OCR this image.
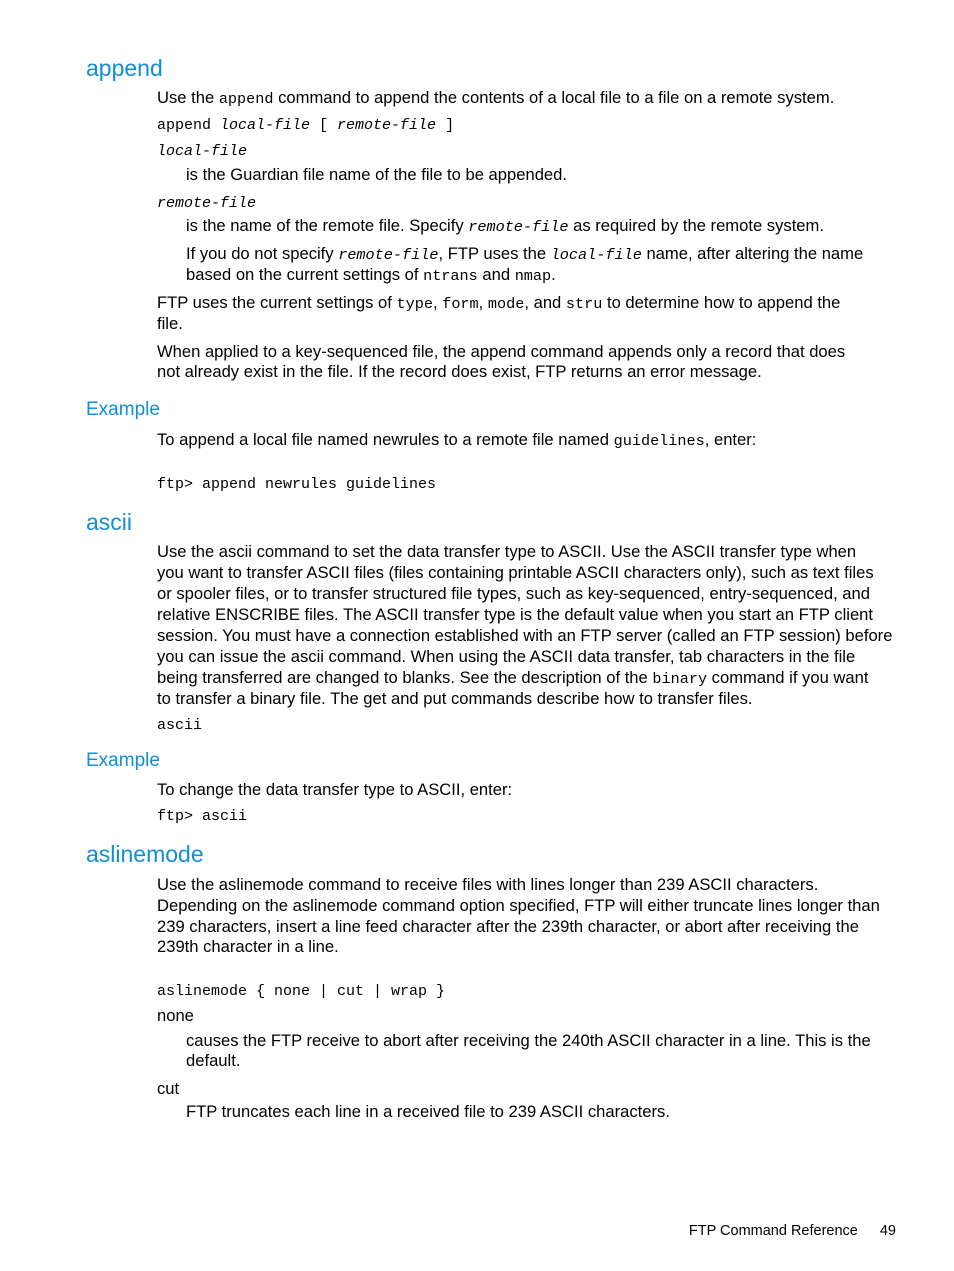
append

Use the append command to append the contents of a local file to a file on a remote system.

append local-file [ remote-file ]
local-file

is the Guardian file name of the file to be appended.

remote-file

is the name of the remote file. Specify remote-file as required by the remote system.

If you do not specify remote-file, FTP uses the local-file name, after altering the name

based on the current settings of ntrans and nmap.

FTP uses the current settings of type, form, mode, and stru to determine how to append the

file.

When applied to a key-sequenced file, the append command appends only a record that does

not already exist in the file. If the record does exist, FTP returns an error message.

Example

To append a local file named newrules to a remote file named guidelines, enter:

ftp> append newrules guidelines
ascii

Use the ascii command to set the data transfer type to ASCII. Use the ASCII transfer type when

you want to transfer ASCII files (files containing printable ASCII characters only), such as text files

or spooler files, or to transfer structured file types, such as key-sequenced, entry-sequenced, and

relative ENSCRIBE files. The ASCII transfer type is the default value when you start an FTP client

session. You must have a connection established with an FTP server (called an FTP session) before

you can issue the ascii command. When using the ASCII data transfer, tab characters in the file

being transferred are changed to blanks. See the description of the binary command if you want

to transfer a binary file. The get and put commands describe how to transfer files.

ascii
Example

To change the data transfer type to ASCII, enter:

ftp> ascii
aslinemode

Use the aslinemode command to receive files with lines longer than 239 ASCII characters.

Depending on the aslinemode command option specified, FTP will either truncate lines longer than

239 characters, insert a line feed character after the 239th character, or abort after receiving the

239th character in a line.

aslinemode { none | cut | wrap }

none

causes the FTP receive to abort after receiving the 240th ASCII character in a line. This is the

default.

cut

FTP truncates each line in a received file to 239 ASCII characters.

FTP Command Reference 49
